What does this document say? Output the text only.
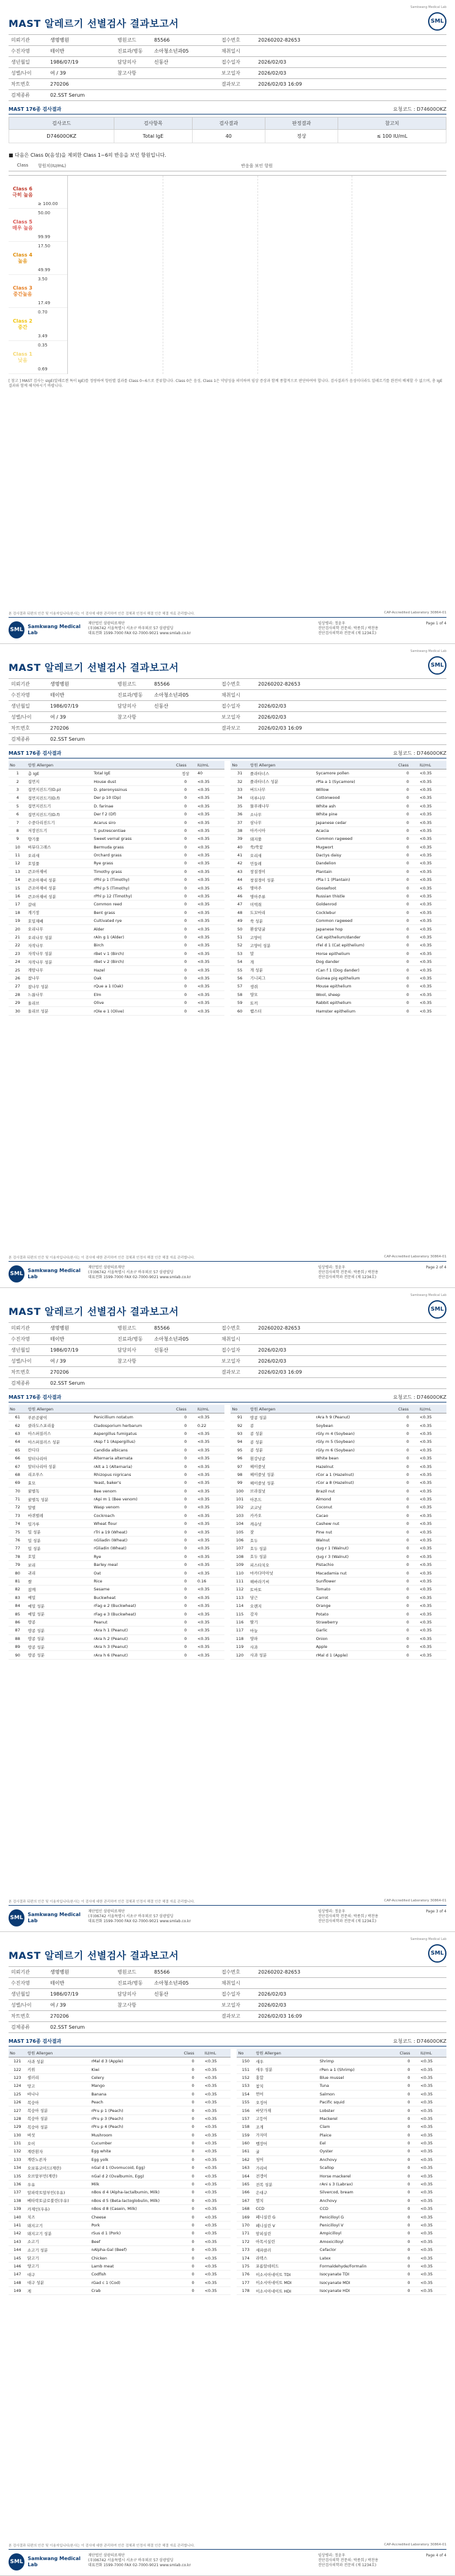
MAST 알레르기 선별검사 결과보고서
Samkwang Medical Lab
SML
의뢰기관	생명병원	병원코드	85566	접수번호	20260202-82653
수진자명	테이반	진료과/병동	소아청소년과05	채취일시	
생년월일	1986/07/19	담당의사	신동산	접수일자	2026/02/03
성별/나이	여 / 39	참고사항		보고일자	2026/02/03
차트번호	270206			결과보고	2026/02/03 16:09
검체종류	02.SST Serum				
MAST 176종 검사결과	요청코드 : D74600OKZ
검사코드	검사항목	검사결과	판정결과	참고치
D74600OKZ	Total IgE	40	정상	≤ 100 IU/mL
■ 다음은 Class 0(음성)을 제외한 Class 1~6의 반응을 보인 항원입니다.
Class	항원치(IU/mL)	반응을 보인 항원
Class 6
극히 높음
Class 5
매우 높음
Class 4
높음
Class 3
중간높음
Class 2
중간
Class 1
낮음
≥ 100.00
50.00
99.99
17.50
49.99
3.50
17.49
0.70
3.49
0.35
0.69
[ 참고 ] MAST 검사는 sIgE(알레르겐 특이 IgE)를 정량하여 항원별 결과를 Class 0~6으로 분류합니다. Class 0은 음성, Class 1은 약양성을 의미하며 임상 증상과 함께 종합적으로 판단하여야 합니다. 검사결과가 음성이더라도 알레르기를 완전히 배제할 수 없으며, 총 IgE 결과와 함께 해석하시기 바랍니다.
본 검사결과 뒤편의 인증 및 이용자입니다/본사는 이 검사에 대한 관리하여 인증 검체과 인정서 해결 인증 해결 자료 관리합니다.	CAP-Accredited Laboratory 30864-01
SML
Samkwang Medical Lab
재단법인 삼광의료재단
(우)06742 서울특별시 서초구 바우뫼로 57 삼광빌딩
대표전화 1599-7000 FAX 02-7000-9021 www.smlab.co.kr
임상병리: 정윤우
진단검사의학 전문의: 박종희 / 박찬용
진단검사의학과 전문의 (제 1234호)
Page 1 of 4
MAST 알레르기 선별검사 결과보고서
Samkwang Medical Lab
SML
의뢰기관	생명병원	병원코드	85566	접수번호	20260202-82653
수진자명	테이반	진료과/병동	소아청소년과05	채취일시	
생년월일	1986/07/19	담당의사	신동산	접수일자	2026/02/03
성별/나이	여 / 39	참고사항		보고일자	2026/02/03
차트번호	270206			결과보고	2026/02/03 16:09
검체종류	02.SST Serum				
MAST 176종 검사결과	요청코드 : D74600OKZ
No	항원 Allergen		Class	IU/mL		No	항원 Allergen		Class	IU/mL
1	총 IgE	Total IgE	정상	40		31	플라타너스	Sycamore pollen	0	<0.35
2	집먼지	House dust	0	<0.35		32	플라타너스 성분	rPla a 1 (Sycamore)	0	<0.35
3	집먼지진드기(D.p)	D. pteronyssinus	0	<0.35		33	버드나무	Willow	0	<0.35
4	집먼지진드기(D.f)	Der p 10 (Dp)	0	<0.35		34	미루나무	Cottonwood	0	<0.35
5	집먼지진드기	D. farinae	0	<0.35		35	물푸레나무	White ash	0	<0.35
6	집먼지진드기(D.f)	Der f 2 (Df)	0	<0.35		36	소나무	White pine	0	<0.35
7	수중다리진드기	Acarus siro	0	<0.35		37	삼나무	Japanese cedar	0	<0.35
8	저장진드기	T. putrescentiae	0	<0.35		38	아카시아	Acacia	0	<0.35
9	향기풀	Sweet vernal grass	0	<0.35		39	돼지풀	Common ragweed	0	<0.35
10	버뮤다그래스	Bermuda grass	0	<0.35		40	쑥/쑥꽃	Mugwort	0	<0.35
11	오리새	Orchard grass	0	<0.35		41	오리새	Dactys daisy	0	<0.35
12	호밀풀	Rye grass	0	<0.35		42	민들레	Dandelion	0	<0.35
13	큰조아재비	Timothy grass	0	<0.35		43	창질경이	Plantain	0	<0.35
14	큰조아재비 성분	rPhl p 1 (Timothy)	0	<0.35		44	창질경이 성분	rPla l 1 (Plantain)	0	<0.35
15	큰조아재비 성분	rPhl p 5 (Timothy)	0	<0.35		45	명아주	Goosefoot	0	<0.35
16	큰조아재비 성분	rPhl p 12 (Timothy)	0	<0.35		46	명아주류	Russian thistle	0	<0.35
17	갈대	Common reed	0	<0.35		47	미역취	Goldenrod	0	<0.35
18	개기장	Bent grass	0	<0.35		48	도꼬마리	Cocklebur	0	<0.35
19	호밀재배	Cultivated rye	0	<0.35		49	쑥 성분	Common ragweed	0	<0.35
20	오리나무	Alder	0	<0.35		50	환삼덩굴	Japanese hop	0	<0.35
21	오리나무 성분	rAln g 1 (Alder)	0	<0.35		51	고양이	Cat epithelium/dander	0	<0.35
22	자작나무	Birch	0	<0.35		52	고양이 성분	rFel d 1 (Cat epithelium)	0	<0.35
23	자작나무 성분	rBet v 1 (Birch)	0	<0.35		53	말	Horse epithelium	0	<0.35
24	자작나무 성분	rBet v 2 (Birch)	0	<0.35		54	개	Dog dander	0	<0.35
25	개암나무	Hazel	0	<0.35		55	개 성분	rCan f 1 (Dog dander)	0	<0.35
26	참나무	Oak	0	<0.35		56	기니피그	Guinea pig epithelium	0	<0.35
27	참나무 성분	rQue a 1 (Oak)	0	<0.35		57	생쥐	Mouse epithelium	0	<0.35
28	느릅나무	Elm	0	<0.35		58	양모	Wool, sheep	0	<0.35
29	올리브	Olive	0	<0.35		59	토끼	Rabbit epithelium	0	<0.35
30	올리브 성분	rOle e 1 (Olive)	0	<0.35		60	햄스터	Hamster epithelium	0	<0.35
본 검사결과 뒤편의 인증 및 이용자입니다/본사는 이 검사에 대한 관리하여 인증 검체과 인정서 해결 인증 해결 자료 관리합니다.	CAP-Accredited Laboratory 30864-01
SML
Samkwang Medical Lab
재단법인 삼광의료재단
(우)06742 서울특별시 서초구 바우뫼로 57 삼광빌딩
대표전화 1599-7000 FAX 02-7000-9021 www.smlab.co.kr
임상병리: 정윤우
진단검사의학 전문의: 박종희 / 박찬용
진단검사의학과 전문의 (제 1234호)
Page 2 of 4
MAST 알레르기 선별검사 결과보고서
Samkwang Medical Lab
SML
의뢰기관	생명병원	병원코드	85566	접수번호	20260202-82653
수진자명	테이반	진료과/병동	소아청소년과05	채취일시	
생년월일	1986/07/19	담당의사	신동산	접수일자	2026/02/03
성별/나이	여 / 39	참고사항		보고일자	2026/02/03
차트번호	270206			결과보고	2026/02/03 16:09
검체종류	02.SST Serum				
MAST 176종 검사결과	요청코드 : D74600OKZ
No	항원 Allergen		Class	IU/mL		No	항원 Allergen		Class	IU/mL
61	푸른곰팡이	Penicillium notatum	0	<0.35		91	땅콩 성분	rAra h 9 (Peanut)	0	<0.35
62	클라도스포리움	Cladosporium herbarum	0	0.22		92	콩	Soybean	0	<0.35
63	아스퍼질러스	Aspergillus fumigatus	0	<0.35		93	콩 성분	rGly m 4 (Soybean)	0	<0.35
64	아스퍼질러스 성분	rAsp f 1 (Aspergillus)	0	<0.35		94	콩 성분	rGly m 5 (Soybean)	0	<0.35
65	칸디다	Candida albicans	0	<0.35		95	콩 성분	rGly m 6 (Soybean)	0	<0.35
66	알터나리아	Alternaria alternata	0	<0.35		96	흰강낭콩	White bean	0	<0.35
67	알터나리아 성분	rAlt a 1 (Alternaria)	0	<0.35		97	헤이즐넛	Hazelnut	0	<0.35
68	리조푸스	Rhizopus nigricans	0	<0.35		98	헤이즐넛 성분	rCor a 1 (Hazelnut)	0	<0.35
69	효모	Yeast, baker's	0	<0.35		99	헤이즐넛 성분	rCor a 8 (Hazelnut)	0	<0.35
70	꿀벌독	Bee venom	0	<0.35		100	브라질넛	Brazil nut	0	<0.35
71	꿀벌독 성분	rApi m 1 (Bee venom)	0	<0.35		101	아몬드	Almond	0	<0.35
72	말벌	Wasp venom	0	<0.35		102	코코넛	Coconut	0	<0.35
73	바퀴벌레	Cockroach	0	<0.35		103	카카오	Cacao	0	<0.35
74	밀가루	Wheat flour	0	<0.35		104	캐슈넛	Cashew nut	0	<0.35
75	밀 성분	rTri a 19 (Wheat)	0	<0.35		105	잣	Pine nut	0	<0.35
76	밀 성분	nGliadin (Wheat)	0	<0.35		106	호두	Walnut	0	<0.35
77	밀 성분	rGliadin (Wheat)	0	<0.35		107	호두 성분	rJug r 1 (Walnut)	0	<0.35
78	호밀	Rye	0	<0.35		108	호두 성분	rJug r 3 (Walnut)	0	<0.35
79	보리	Barley meal	0	<0.35		109	피스타치오	Pistachio	0	<0.35
80	귀리	Oat	0	<0.35		110	마카다미아넛	Macadamia nut	0	<0.35
81	쌀	Rice	0	0.16		111	해바라기씨	Sunflower	0	<0.35
82	참깨	Sesame	0	<0.35		112	토마토	Tomato	0	<0.35
83	메밀	Buckwheat	0	<0.35		113	당근	Carrot	0	<0.35
84	메밀 성분	rFag e 2 (Buckwheat)	0	<0.35		114	오렌지	Orange	0	<0.35
85	메밀 성분	rFag e 3 (Buckwheat)	0	<0.35		115	감자	Potato	0	<0.35
86	땅콩	Peanut	0	<0.35		116	딸기	Strawberry	0	<0.35
87	땅콩 성분	rAra h 1 (Peanut)	0	<0.35		117	마늘	Garlic	0	<0.35
88	땅콩 성분	rAra h 2 (Peanut)	0	<0.35		118	양파	Onion	0	<0.35
89	땅콩 성분	rAra h 3 (Peanut)	0	<0.35		119	사과	Apple	0	<0.35
90	땅콩 성분	rAra h 6 (Peanut)	0	<0.35		120	사과 성분	rMal d 1 (Apple)	0	<0.35
본 검사결과 뒤편의 인증 및 이용자입니다/본사는 이 검사에 대한 관리하여 인증 검체과 인정서 해결 인증 해결 자료 관리합니다.	CAP-Accredited Laboratory 30864-01
SML
Samkwang Medical Lab
재단법인 삼광의료재단
(우)06742 서울특별시 서초구 바우뫼로 57 삼광빌딩
대표전화 1599-7000 FAX 02-7000-9021 www.smlab.co.kr
임상병리: 정윤우
진단검사의학 전문의: 박종희 / 박찬용
진단검사의학과 전문의 (제 1234호)
Page 3 of 4
MAST 알레르기 선별검사 결과보고서
Samkwang Medical Lab
SML
의뢰기관	생명병원	병원코드	85566	접수번호	20260202-82653
수진자명	테이반	진료과/병동	소아청소년과05	채취일시	
생년월일	1986/07/19	담당의사	신동산	접수일자	2026/02/03
성별/나이	여 / 39	참고사항		보고일자	2026/02/03
차트번호	270206			결과보고	2026/02/03 16:09
검체종류	02.SST Serum				
MAST 176종 검사결과	요청코드 : D74600OKZ
No	항원 Allergen		Class	IU/mL		No	항원 Allergen		Class	IU/mL
121	사과 성분	rMal d 3 (Apple)	0	<0.35		150	새우	Shrimp	0	<0.35
122	키위	Kiwi	0	<0.35		151	새우 성분	rPen a 1 (Shrimp)	0	<0.35
123	셀러리	Celery	0	<0.35		152	홍합	Blue mussel	0	<0.35
124	망고	Mango	0	<0.35		153	참치	Tuna	0	<0.35
125	바나나	Banana	0	<0.35		154	연어	Salmon	0	<0.35
126	복숭아	Peach	0	<0.35		155	오징어	Pacific squid	0	<0.35
127	복숭아 성분	rPru p 1 (Peach)	0	<0.35		156	바닷가재	Lobster	0	<0.35
128	복숭아 성분	rPru p 3 (Peach)	0	<0.35		157	고등어	Mackerel	0	<0.35
129	복숭아 성분	rPru p 4 (Peach)	0	<0.35		158	조개	Clam	0	<0.35
130	버섯	Mushroom	0	<0.35		159	가자미	Plaice	0	<0.35
131	오이	Cucumber	0	<0.35		160	뱀장어	Eel	0	<0.35
132	계란흰자	Egg white	0	<0.35		161	굴	Oyster	0	<0.35
133	계란노른자	Egg yolk	0	<0.35		162	청어	Anchovy	0	<0.35
134	오보뮤코이드(계란)	nGal d 1 (Ovomucoid, Egg)	0	<0.35		163	가리비	Scallop	0	<0.35
135	오브알부민(계란)	nGal d 2 (Ovalbumin, Egg)	0	<0.35		164	전갱이	Horse mackerel	0	<0.35
136	우유	Milk	0	<0.35		165	전복 성분	rAni s 3 (Labrax)	0	<0.35
137	알파락트알부민(우유)	nBos d 4 (Alpha-lactalbumin, Milk)	0	<0.35		166	은대구	Silvercod, bream	0	<0.35
138	베타락토글로불린(우유)	nBos d 5 (Beta-lactoglobulin, Milk)	0	<0.35		167	멸치	Anchovy	0	<0.35
139	카제인(우유)	nBos d 8 (Casein, Milk)	0	<0.35		168	CCD	CCD	0	<0.35
140	치즈	Cheese	0	<0.35		169	페니실린 G	Penicilloyl G	0	<0.35
141	돼지고기	Pork	0	<0.35		170	페니실린 V	Penicilloyl V	0	<0.35
142	돼지고기 성분	rSus d 1 (Pork)	0	<0.35		171	암피실린	Ampicilloyl	0	<0.35
143	소고기	Beef	0	<0.35		172	아목시실린	Amoxicilloyl	0	<0.35
144	소고기 성분	nAlpha-Gal (Beef)	0	<0.35		173	세파클러	Cefaclor	0	<0.35
145	닭고기	Chicken	0	<0.35		174	라텍스	Latex	0	<0.35
146	양고기	Lamb meat	0	<0.35		175	포름알데히드	Formaldehyde/Formalin	0	<0.35
147	대구	Codfish	0	<0.35		176	이소시아네이트 TDI	Isocyanate TDI	0	<0.35
148	대구 성분	rGad c 1 (Cod)	0	<0.35		177	이소시아네이트 MDI	Isocyanate MDI	0	<0.35
149	게	Crab	0	<0.35		178	이소시아네이트 HDI	Isocyanate HDI	0	<0.35
본 검사결과 뒤편의 인증 및 이용자입니다/본사는 이 검사에 대한 관리하여 인증 검체과 인정서 해결 인증 해결 자료 관리합니다.	CAP-Accredited Laboratory 30864-01
SML
Samkwang Medical Lab
재단법인 삼광의료재단
(우)06742 서울특별시 서초구 바우뫼로 57 삼광빌딩
대표전화 1599-7000 FAX 02-7000-9021 www.smlab.co.kr
임상병리: 정윤우
진단검사의학 전문의: 박종희 / 박찬용
진단검사의학과 전문의 (제 1234호)
Page 4 of 4
